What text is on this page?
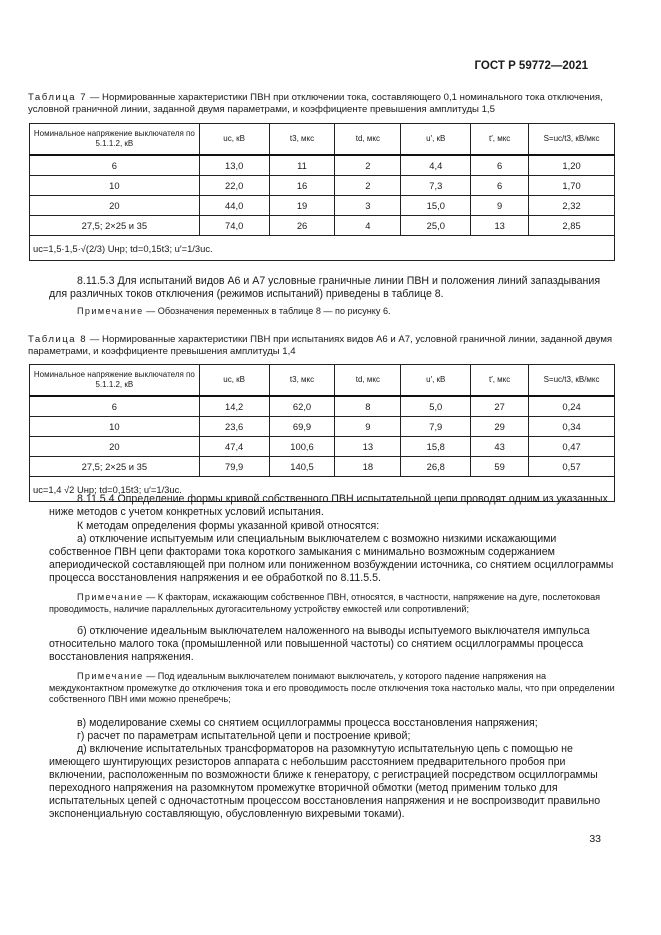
ГОСТ Р 59772—2021
Таблица 7 — Нормированные характеристики ПВН при отключении тока, составляющего 0,1 номинального тока отключения, условной граничной линии, заданной двумя параметрами, и коэффициенте превышения амплитуды 1,5
Номинальное напряжение выключателя по 5.1.1.2, кВ	uc, кВ	t3, мкс	td, мкс	u′, кВ	t′, мкс	S=uc/t3, кВ/мкс
6	13,0	11	2	4,4	6	1,20
10	22,0	16	2	7,3	6	1,70
20	44,0	19	3	15,0	9	2,32
27,5; 2×25 и 35	74,0	26	4	25,0	13	2,85
uc=1,5·1,5·√(2/3) Uнр; td=0,15t3; u′=1/3uc.						
8.11.5.3 Для испытаний видов А6 и А7 условные граничные линии ПВН и положения линий запаздывания для различных токов отключения (режимов испытаний) приведены в таблице 8.
Примечание — Обозначения переменных в таблице 8 — по рисунку 6.
Таблица 8 — Нормированные характеристики ПВН при испытаниях видов А6 и А7, условной граничной линии, заданной двумя параметрами, и коэффициенте превышения амплитуды 1,4
Номинальное напряжение выключателя по 5.1.1.2, кВ	uc, кВ	t3, мкс	td, мкс	u′, кВ	t′, мкс	S=uc/t3, кВ/мкс
6	14,2	62,0	8	5,0	27	0,24
10	23,6	69,9	9	7,9	29	0,34
20	47,4	100,6	13	15,8	43	0,47
27,5; 2×25 и 35	79,9	140,5	18	26,8	59	0,57
uc=1,4 √2 Uнр; td=0,15t3; u′=1/3uc.						
8.11.5.4 Определение формы кривой собственного ПВН испытательной цепи проводят одним из указанных ниже методов с учетом конкретных условий испытания.
К методам определения формы указанной кривой относятся:
а) отключение испытуемым или специальным выключателем с возможно низкими искажающими собственное ПВН цепи факторами тока короткого замыкания с минимально возможным содержанием апериодической составляющей при полном или пониженном возбуждении источника, со снятием осциллограммы процесса восстановления напряжения и ее обработкой по 8.11.5.5.
Примечание — К факторам, искажающим собственное ПВН, относятся, в частности, напряжение на дуге, послетоковая проводимость, наличие параллельных дугогасительному устройству емкостей или сопротивлений;
б) отключение идеальным выключателем наложенного на выводы испытуемого выключателя импульса относительно малого тока (промышленной или повышенной частоты) со снятием осциллограммы процесса восстановления напряжения.
Примечание — Под идеальным выключателем понимают выключатель, у которого падение напряжения на междуконтактном промежутке до отключения тока и его проводимость после отключения тока настолько малы, что при определении собственного ПВН ими можно пренебречь;
в) моделирование схемы со снятием осциллограммы процесса восстановления напряжения;
г) расчет по параметрам испытательной цепи и построение кривой;
д) включение испытательных трансформаторов на разомкнутую испытательную цепь с помощью не имеющего шунтирующих резисторов аппарата с небольшим расстоянием предварительного пробоя при включении, расположенным по возможности ближе к генератору, с регистрацией посредством осциллограммы переходного напряжения на разомкнутом промежутке вторичной обмотки (метод применим только для испытательных цепей с одночастотным процессом восстановления напряжения и не воспроизводит правильно экспоненциальную составляющую, обусловленную вихревыми токами).
33
